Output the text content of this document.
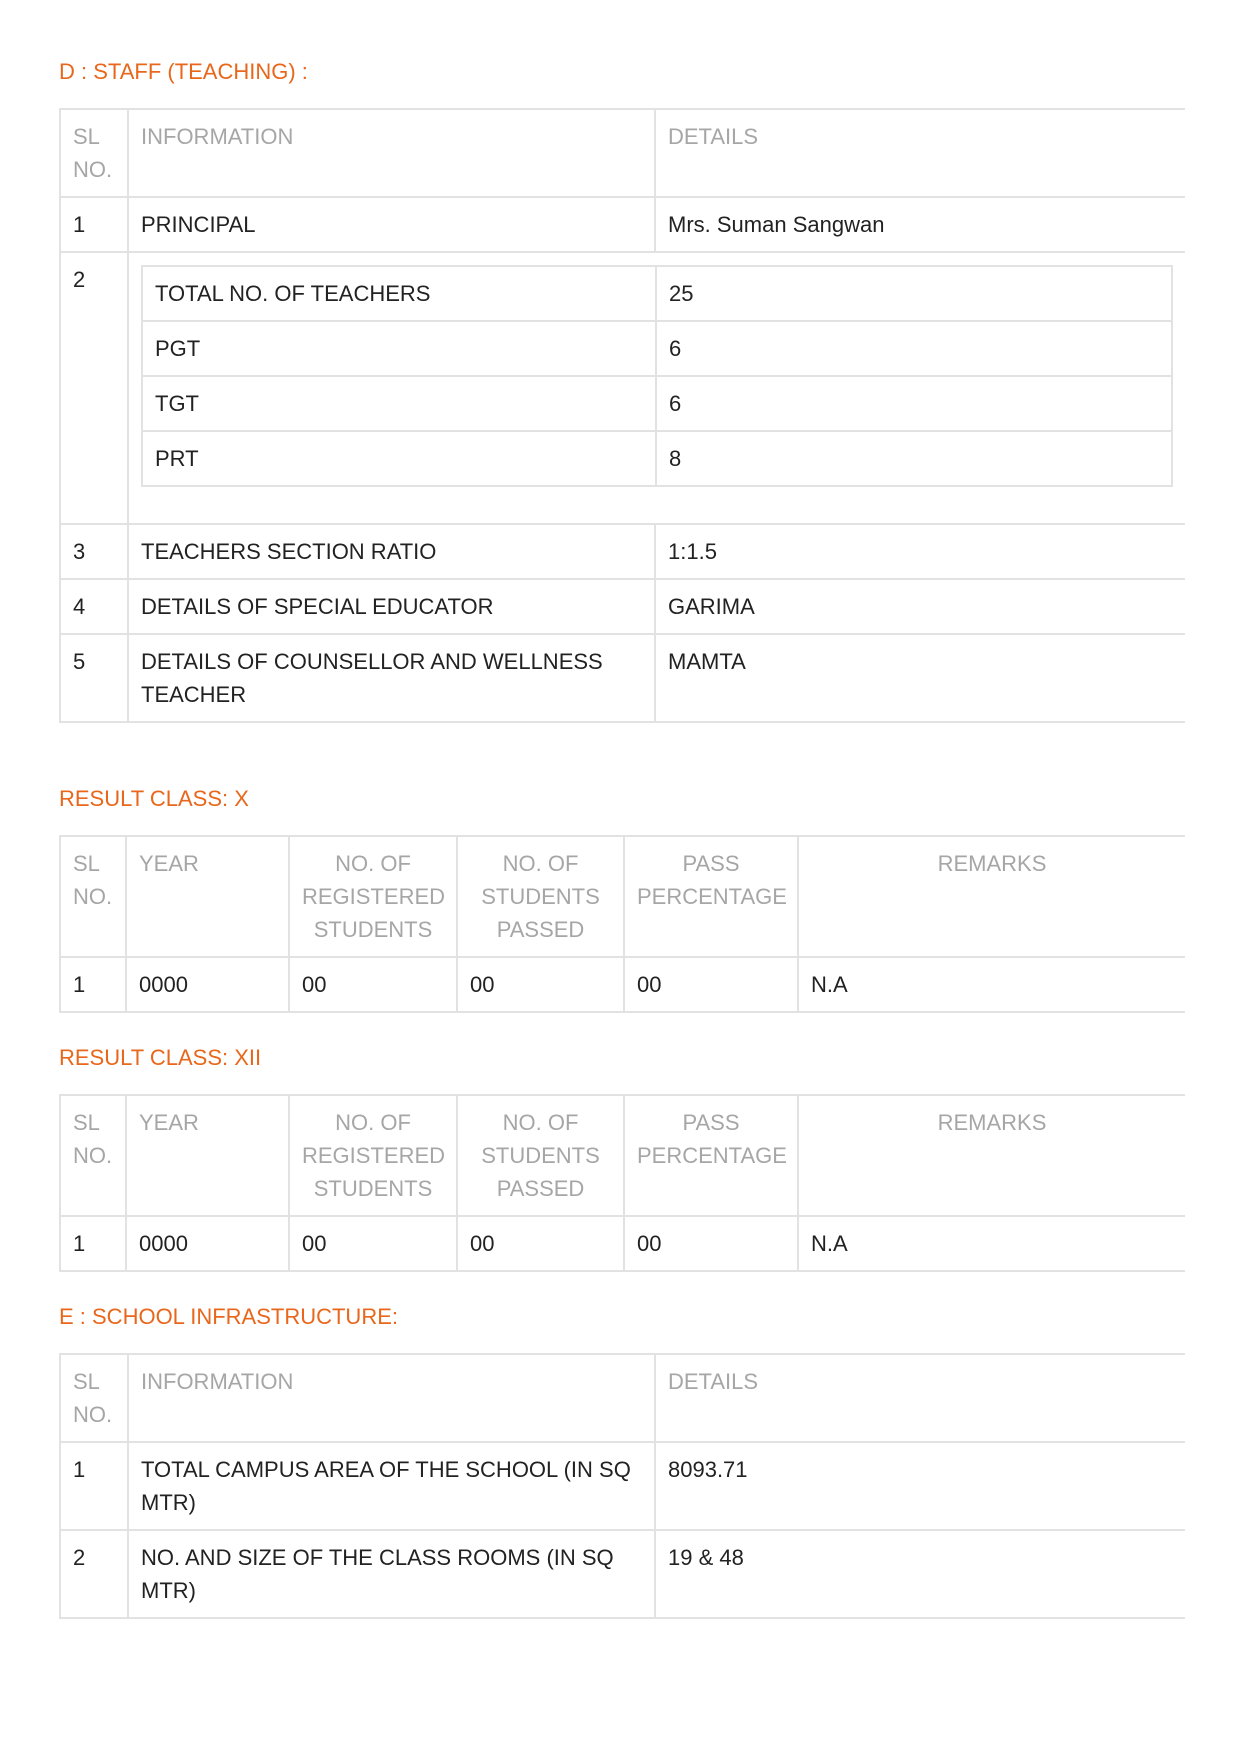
D : STAFF (TEACHING) :
SL NO.	INFORMATION	DETAILS
1	PRINCIPAL	Mrs. Suman Sangwan
2	
TOTAL NO. OF TEACHERS	25
PGT	6
TGT	6
PRT	8

3	TEACHERS SECTION RATIO	1:1.5
4	DETAILS OF SPECIAL EDUCATOR	GARIMA
5	DETAILS OF COUNSELLOR AND WELLNESS TEACHER	MAMTA
RESULT CLASS: X
SL NO.	YEAR	NO. OF REGISTERED STUDENTS	NO. OF STUDENTS PASSED	PASS PERCENTAGE	REMARKS
1	0000	00	00	00	N.A
RESULT CLASS: XII
SL NO.	YEAR	NO. OF REGISTERED STUDENTS	NO. OF STUDENTS PASSED	PASS PERCENTAGE	REMARKS
1	0000	00	00	00	N.A
E : SCHOOL INFRASTRUCTURE:
SL NO.	INFORMATION	DETAILS
1	TOTAL CAMPUS AREA OF THE SCHOOL (IN SQ MTR)	8093.71
2	NO. AND SIZE OF THE CLASS ROOMS (IN SQ MTR)	19 & 48
